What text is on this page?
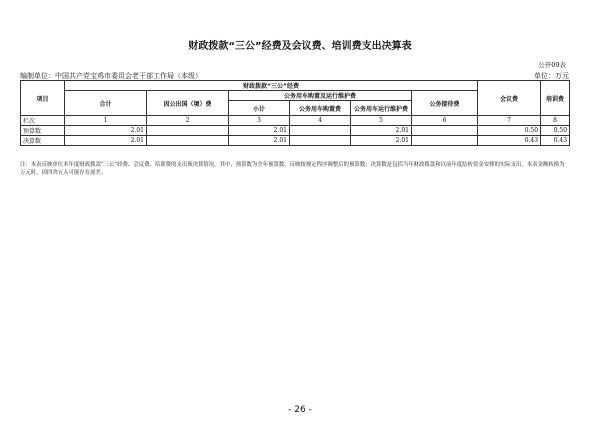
财政拨款“三公”经费及会议费、培训费支出决算表
公开09表
编制单位：中国共产党宝鸡市委员会老干部工作局（本级）	单位：万元
项目	财政拨款“三公”经费						会议费	培训费
	合计	因公出国（境）费	公务用车购置及运行维护费			公务接待费		
			小计	公务用车购置费	公务用车运行维护费			
栏次	1	2	3	4	5	6	7	8
预算数	2.01		2.01		2.01		0.50	0.50
决算数	2.01		2.01		2.01		0.43	0.43
注：本表反映单位本年度财政拨款“三公”经费、会议费、培训费的支出预决算情况。其中，预算数为全年预算数，反映按规定程序调整后的预算数；决算数是包括当年财政拨款和以前年度结转资金安排的实际支出。本表金额转换为万元时，因四舍五入可能存在尾差。
- 26 -
